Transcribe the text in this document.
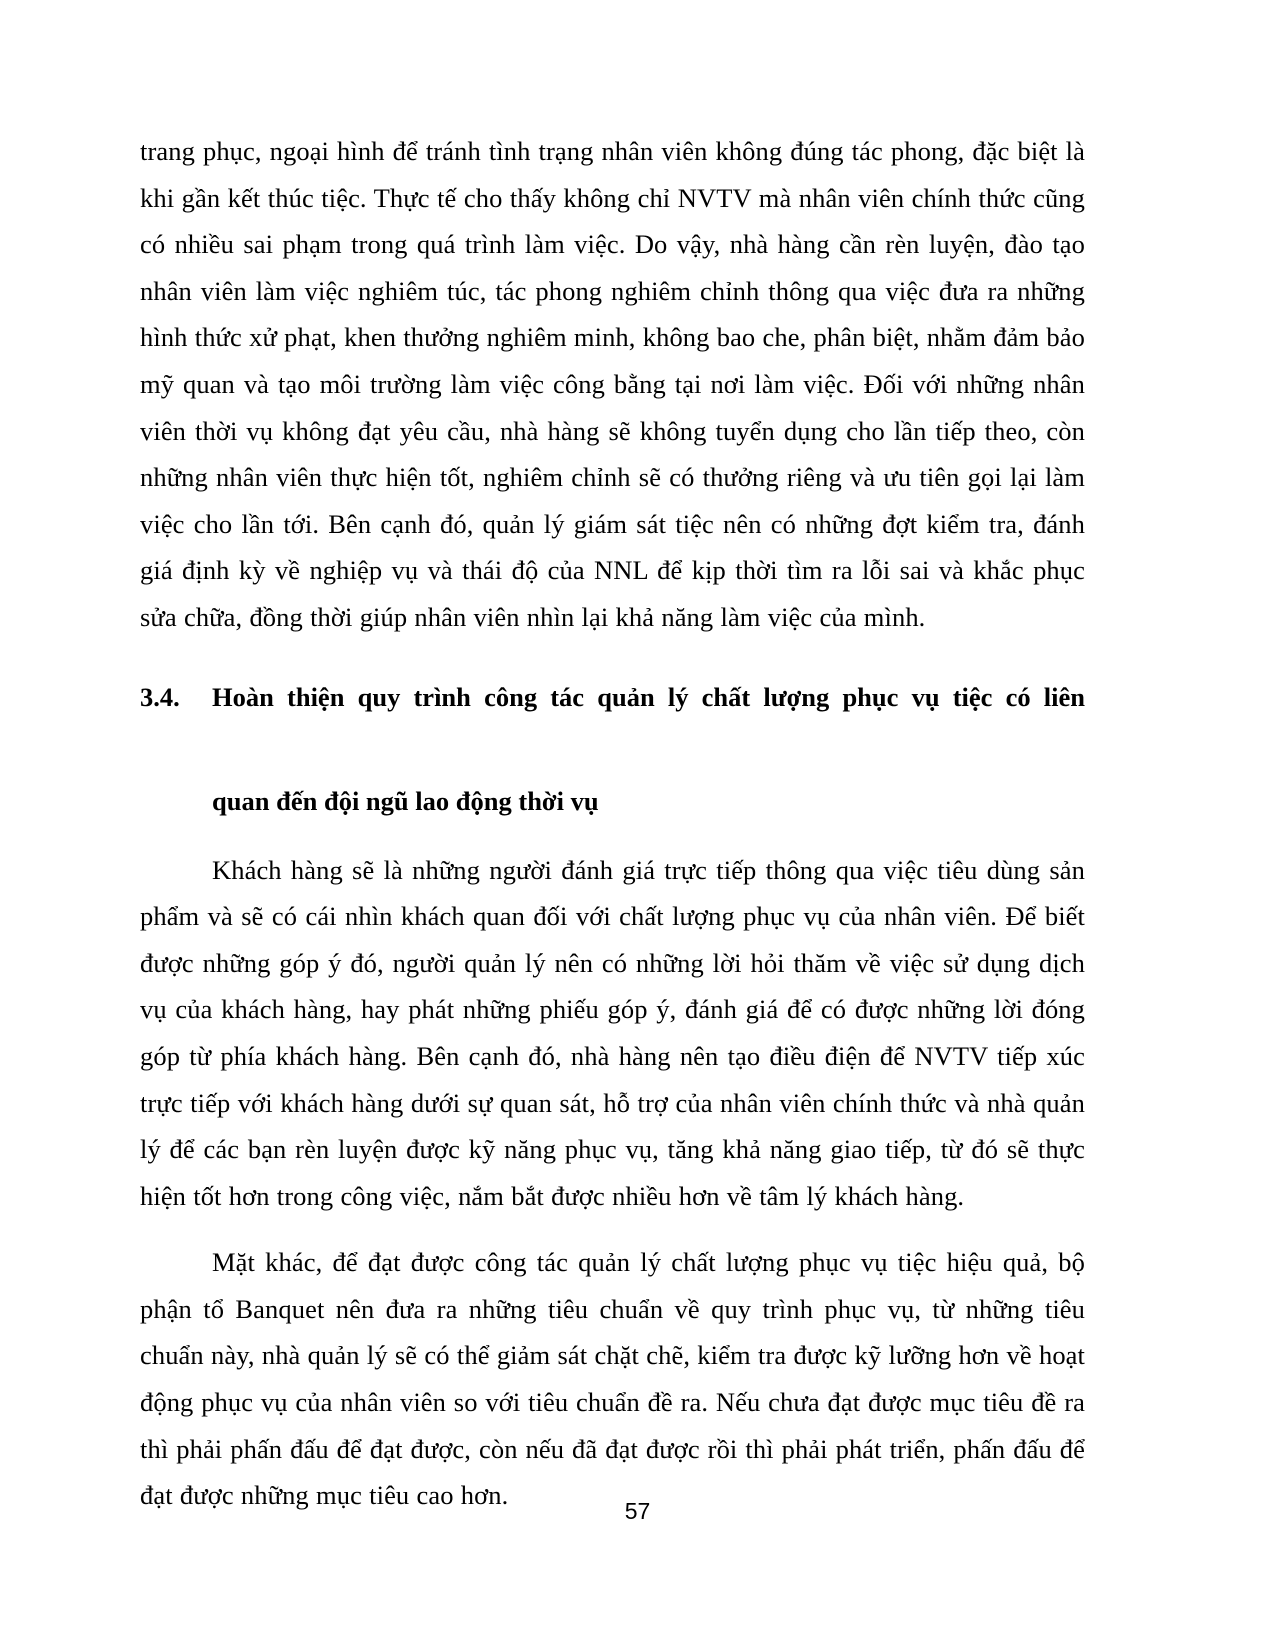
trang phục, ngoại hình để tránh tình trạng nhân viên không đúng tác phong, đặc biệt là khi gần kết thúc tiệc. Thực tế cho thấy không chỉ NVTV mà nhân viên chính thức cũng có nhiều sai phạm trong quá trình làm việc. Do vậy, nhà hàng cần rèn luyện, đào tạo nhân viên làm việc nghiêm túc, tác phong nghiêm chỉnh thông qua việc đưa ra những hình thức xử phạt, khen thưởng nghiêm minh, không bao che, phân biệt, nhằm đảm bảo mỹ quan và tạo môi trường làm việc công bằng tại nơi làm việc. Đối với những nhân viên thời vụ không đạt yêu cầu, nhà hàng sẽ không tuyển dụng cho lần tiếp theo, còn những nhân viên thực hiện tốt, nghiêm chỉnh sẽ có thưởng riêng và ưu tiên gọi lại làm việc cho lần tới. Bên cạnh đó, quản lý giám sát tiệc nên có những đợt kiểm tra, đánh giá định kỳ về nghiệp vụ và thái độ của NNL để kịp thời tìm ra lỗi sai và khắc phục sửa chữa, đồng thời giúp nhân viên nhìn lại khả năng làm việc của mình.

3.4.	Hoàn thiện quy trình công tác quản lý chất lượng phục vụ tiệc có liên
quan đến đội ngũ lao động thời vụ

Khách hàng sẽ là những người đánh giá trực tiếp thông qua việc tiêu dùng sản phẩm và sẽ có cái nhìn khách quan đối với chất lượng phục vụ của nhân viên. Để biết được những góp ý đó, người quản lý nên có những lời hỏi thăm về việc sử dụng dịch vụ của khách hàng, hay phát những phiếu góp ý, đánh giá để có được những lời đóng góp từ phía khách hàng. Bên cạnh đó, nhà hàng nên tạo điều điện để NVTV tiếp xúc trực tiếp với khách hàng dưới sự quan sát, hỗ trợ của nhân viên chính thức và nhà quản lý để các bạn rèn luyện được kỹ năng phục vụ, tăng khả năng giao tiếp, từ đó sẽ thực hiện tốt hơn trong công việc, nắm bắt được nhiều hơn về tâm lý khách hàng.

Mặt khác, để đạt được công tác quản lý chất lượng phục vụ tiệc hiệu quả, bộ phận tổ Banquet nên đưa ra những tiêu chuẩn về quy trình phục vụ, từ những tiêu chuẩn này, nhà quản lý sẽ có thể giảm sát chặt chẽ, kiểm tra được kỹ lưỡng hơn về hoạt động phục vụ của nhân viên so với tiêu chuẩn đề ra. Nếu chưa đạt được mục tiêu đề ra thì phải phấn đấu để đạt được, còn nếu đã đạt được rồi thì phải phát triển, phấn đấu để đạt được những mục tiêu cao hơn.

57
